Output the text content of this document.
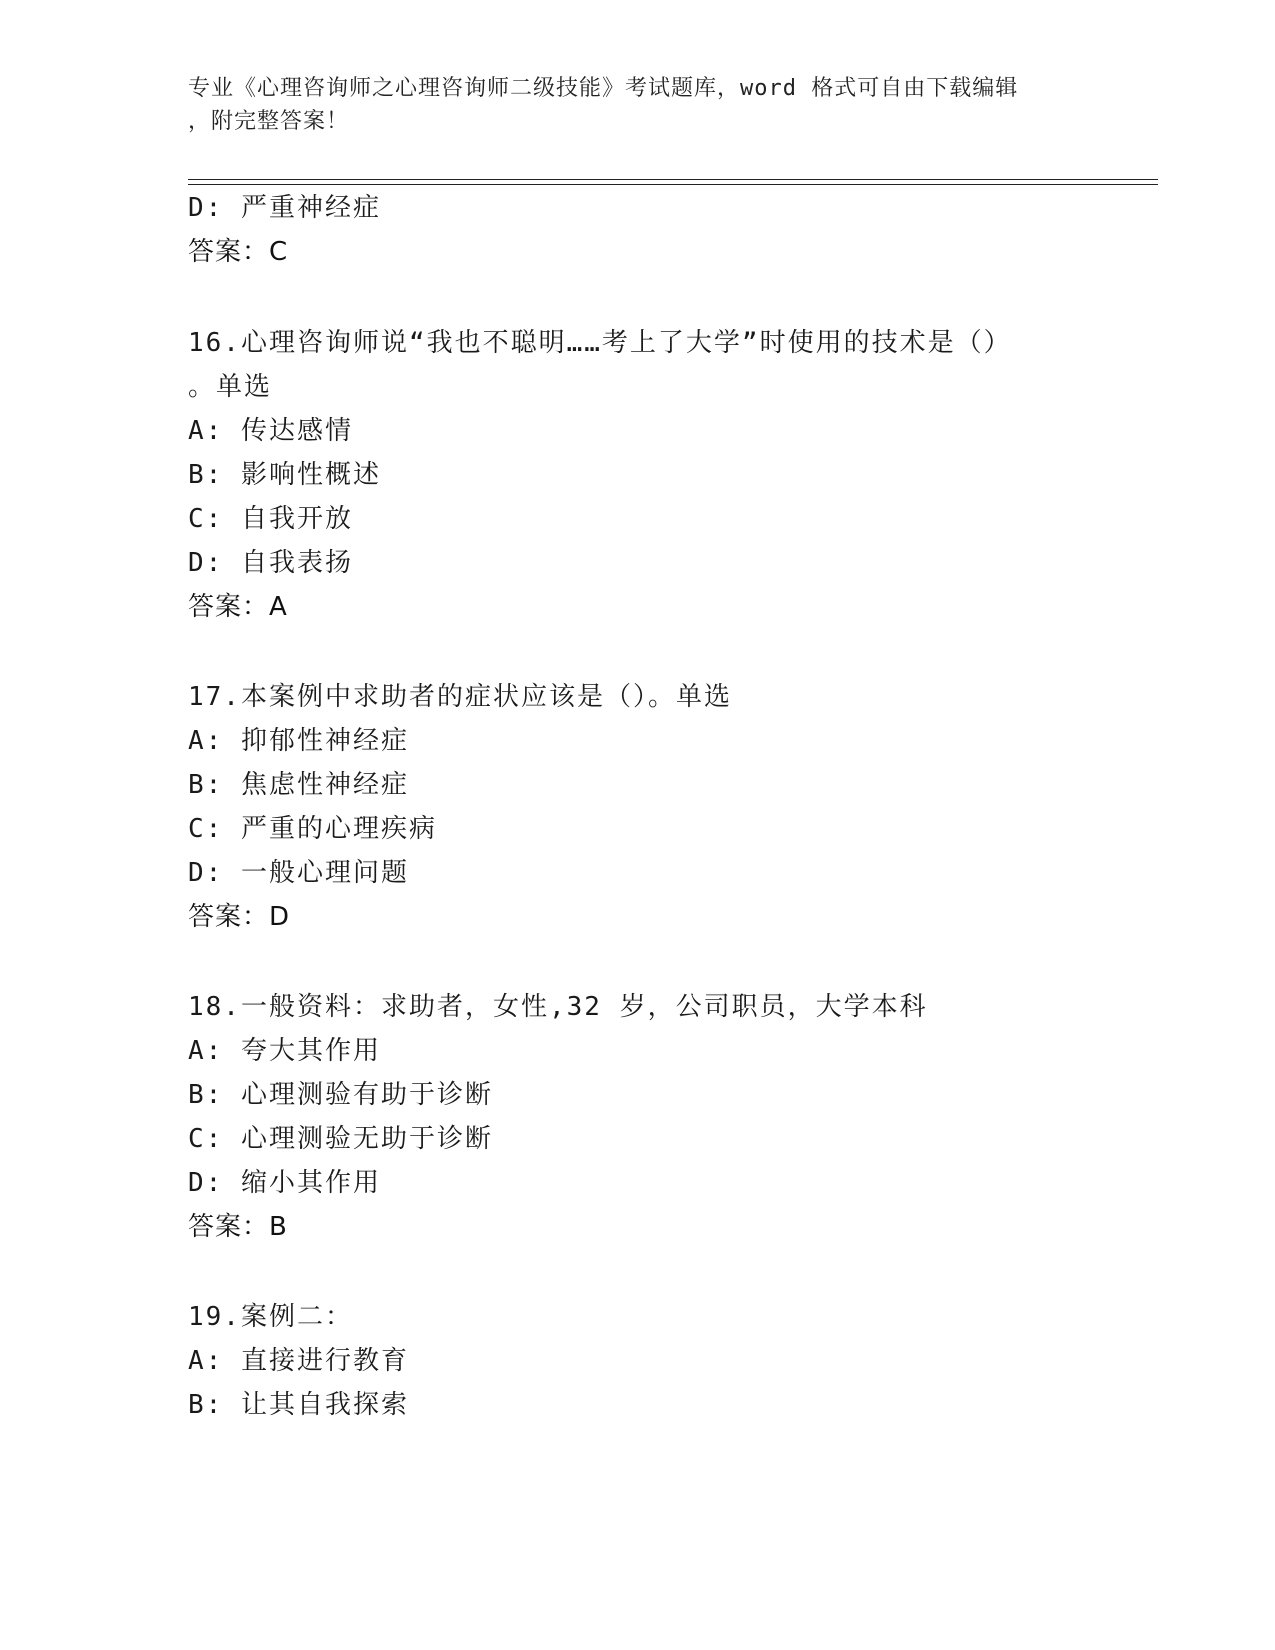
专业《心理咨询师之心理咨询师二级技能》考试题库，word 格式可自由下载编辑
，附完整答案！
D: 严重神经症
答案：C
16.心理咨询师说“我也不聪明……考上了大学”时使用的技术是（）
。单选
A: 传达感情
B: 影响性概述
C: 自我开放
D: 自我表扬
答案：A
17.本案例中求助者的症状应该是（）。单选
A: 抑郁性神经症
B: 焦虑性神经症
C: 严重的心理疾病
D: 一般心理问题
答案：D
18.一般资料：求助者，女性,32 岁，公司职员，大学本科
A: 夸大其作用
B: 心理测验有助于诊断
C: 心理测验无助于诊断
D: 缩小其作用
答案：B
19.案例二：
A: 直接进行教育
B: 让其自我探索
